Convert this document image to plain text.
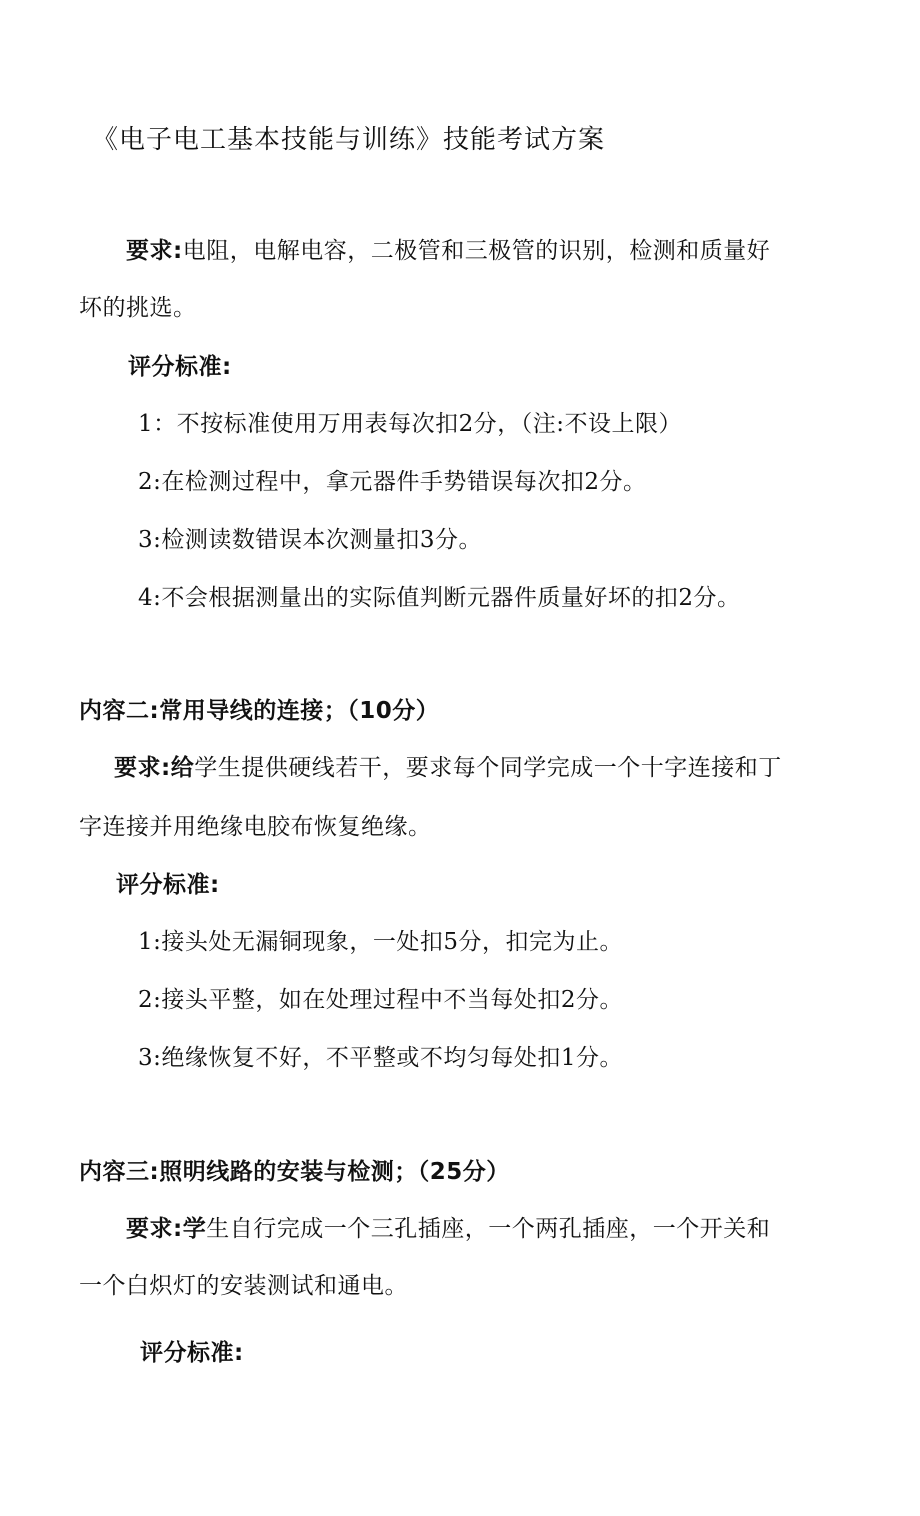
《电子电工基本技能与训练》技能考试方案
要求:电阻，电解电容，二极管和三极管的识别，检测和质量好
坏的挑选。
评分标准:
1：不按标准使用万用表每次扣2分，（注:不设上限）
2:在检测过程中，拿元器件手势错误每次扣2分。
3:检测读数错误本次测量扣3分。
4:不会根据测量出的实际值判断元器件质量好坏的扣2分。
内容二:常用导线的连接；（10分）
要求:给学生提供硬线若干，要求每个同学完成一个十字连接和丁
字连接并用绝缘电胶布恢复绝缘。
评分标准:
1:接头处无漏铜现象，一处扣5分，扣完为止。
2:接头平整，如在处理过程中不当每处扣2分。
3:绝缘恢复不好，不平整或不均匀每处扣1分。
内容三:照明线路的安装与检测；（25分）
要求:学生自行完成一个三孔插座，一个两孔插座，一个开关和
一个白炽灯的安装测试和通电。
评分标准:
